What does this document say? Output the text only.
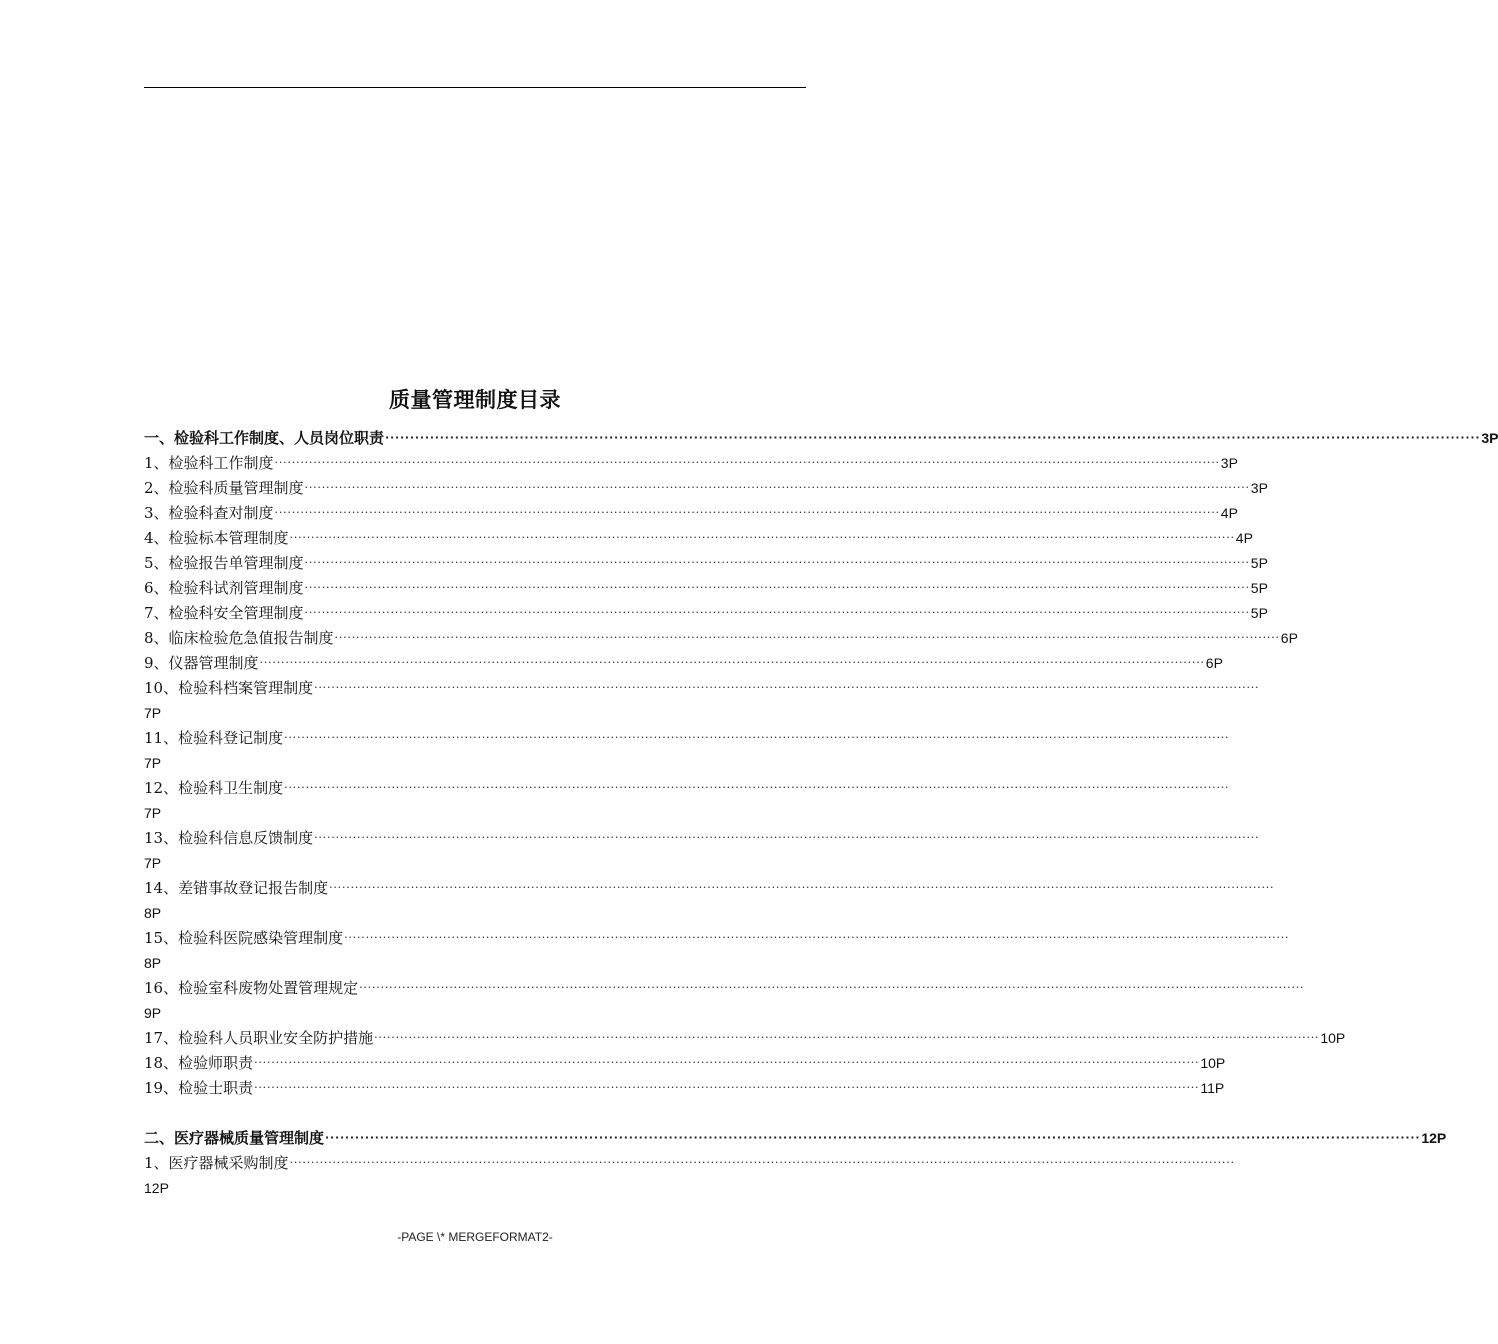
质量管理制度目录
一、检验科工作制度、人员岗位职责 ···························································································································································································································· 3P
1、检验科工作制度 ···························································································································································································································· 3P
2、检验科质量管理制度 ···························································································································································································································· 3P
3、检验科查对制度 ···························································································································································································································· 4P
4、检验标本管理制度 ···························································································································································································································· 4P
5、检验报告单管理制度 ···························································································································································································································· 5P
6、检验科试剂管理制度 ···························································································································································································································· 5P
7、检验科安全管理制度 ···························································································································································································································· 5P
8、临床检验危急值报告制度 ···························································································································································································································· 6P
9、仪器管理制度 ···························································································································································································································· 6P
10、检验科档案管理制度 ····························································································································································································································
7P
11、检验科登记制度 ····························································································································································································································
7P
12、检验科卫生制度 ····························································································································································································································
7P
13、检验科信息反馈制度 ····························································································································································································································
7P
14、差错事故登记报告制度 ····························································································································································································································
8P
15、检验科医院感染管理制度 ····························································································································································································································
8P
16、检验室科废物处置管理规定 ····························································································································································································································
9P
17、检验科人员职业安全防护措施 ···························································································································································································································· 10P
18、检验师职责 ···························································································································································································································· 10P
19、检验士职责 ···························································································································································································································· 11P
二、医疗器械质量管理制度 ···························································································································································································································· 12P
1、医疗器械采购制度 ····························································································································································································································
12P
-PAGE \* MERGEFORMAT2-
